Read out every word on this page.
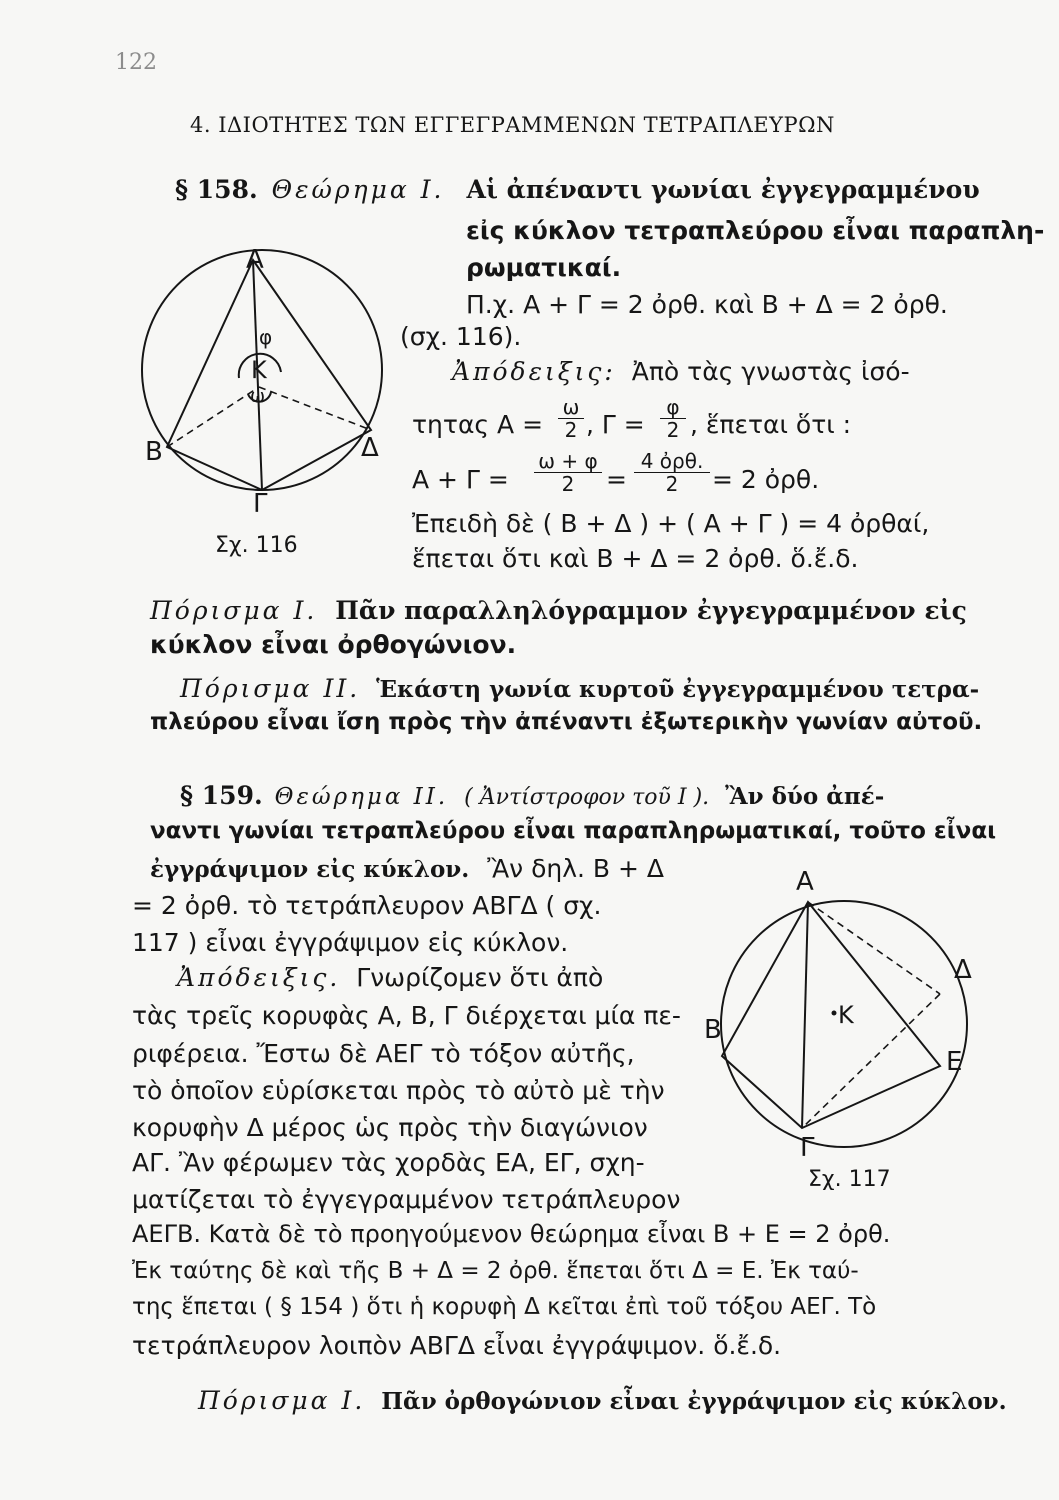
122
4. ΙΔΙΟΤΗΤΕΣ ΤΩΝ ΕΓΓΕΓΡΑΜΜΕΝΩΝ ΤΕΤΡΑΠΛΕΥΡΩΝ
§ 158. Θεώρημα I. Αἱ ἀπέναντι γωνίαι ἐγγεγραμμένου
εἰς κύκλον τετραπλεύρου εἶναι παραπλη-
ρωματικαί.
Π.χ. Α + Γ = 2 ὀρθ. καὶ Β + Δ = 2 ὀρθ.
(σχ. 116).
Ἀπόδειξις: Ἀπὸ τὰς γνωστὰς ἰσό-
τητας $A = \frac{\omega}{2}$ , $\Gamma = \frac{\varphi}{2}$ , ἕπεται ὅτι :
$A + \Gamma = \frac{\omega + \varphi}{2}$ =
4 ὀρθ.
2	= 2 ὀρθ.
Ἐπειδὴ δὲ ( Β + Δ ) + ( Α + Γ ) = 4 ὀρθαί,
ἕπεται ὅτι καὶ Β + Δ = 2 ὀρθ. ὅ.ἔ.δ.
Α
φ
Κ
ω
Β	Δ
Γ
Σχ. 116
Πόρισμα I. Πᾶν παραλληλόγραμμον ἐγγεγραμμένον εἰς
κύκλον εἶναι ὀρθογώνιον.
Πόρισμα II. Ἑκάστη γωνία κυρτοῦ ἐγγεγραμμένου τετρα-
πλεύρου εἶναι ἴση πρὸς τὴν ἀπέναντι ἐξωτερικὴν γωνίαν αὐτοῦ.
§ 159. Θεώρημα II. ( Ἀντίστροφον τοῦ I ). Ἂν δύο ἀπέ-
ναντι γωνίαι τετραπλεύρου εἶναι παραπληρωματικαί, τοῦτο εἶναι
ἐγγράψιμον εἰς κύκλον. Ἂν δηλ. Β + Δ
= 2 ὀρθ. τὸ τετράπλευρον ΑΒΓΔ ( σχ.
117 ) εἶναι ἐγγράψιμον εἰς κύκλον.
Ἀπόδειξις. Γνωρίζομεν ὅτι ἀπὸ
τὰς τρεῖς κορυφὰς Α, Β, Γ διέρχεται μία πε-
ριφέρεια. Ἔστω δὲ ΑΕΓ τὸ τόξον αὐτῆς,
τὸ ὁποῖον εὑρίσκεται πρὸς τὸ αὐτὸ μὲ τὴν
κορυφὴν Δ μέρος ὡς πρὸς τὴν διαγώνιον
ΑΓ. Ἂν φέρωμεν τὰς χορδὰς ΕΑ, ΕΓ, σχη-
ματίζεται τὸ ἐγγεγραμμένον τετράπλευρον
ΑΕΓΒ. Κατὰ δὲ τὸ προηγούμενον θεώρημα εἶναι Β + Ε = 2 ὀρθ.
Ἐκ ταύτης δὲ καὶ τῆς Β + Δ = 2 ὀρθ. ἕπεται ὅτι Δ = Ε. Ἐκ ταύ-
της ἕπεται ( § 154 ) ὅτι ἡ κορυφὴ Δ κεῖται ἐπὶ τοῦ τόξου ΑΕΓ. Τὸ
τετράπλευρον λοιπὸν ΑΒΓΔ εἶναι ἐγγράψιμον. ὅ.ἔ.δ.
Α
Δ
Κ
Β
Ε
Γ
Σχ. 117
Πόρισμα I. Πᾶν ὀρθογώνιον εἶναι ἐγγράψιμον εἰς κύκλον.
